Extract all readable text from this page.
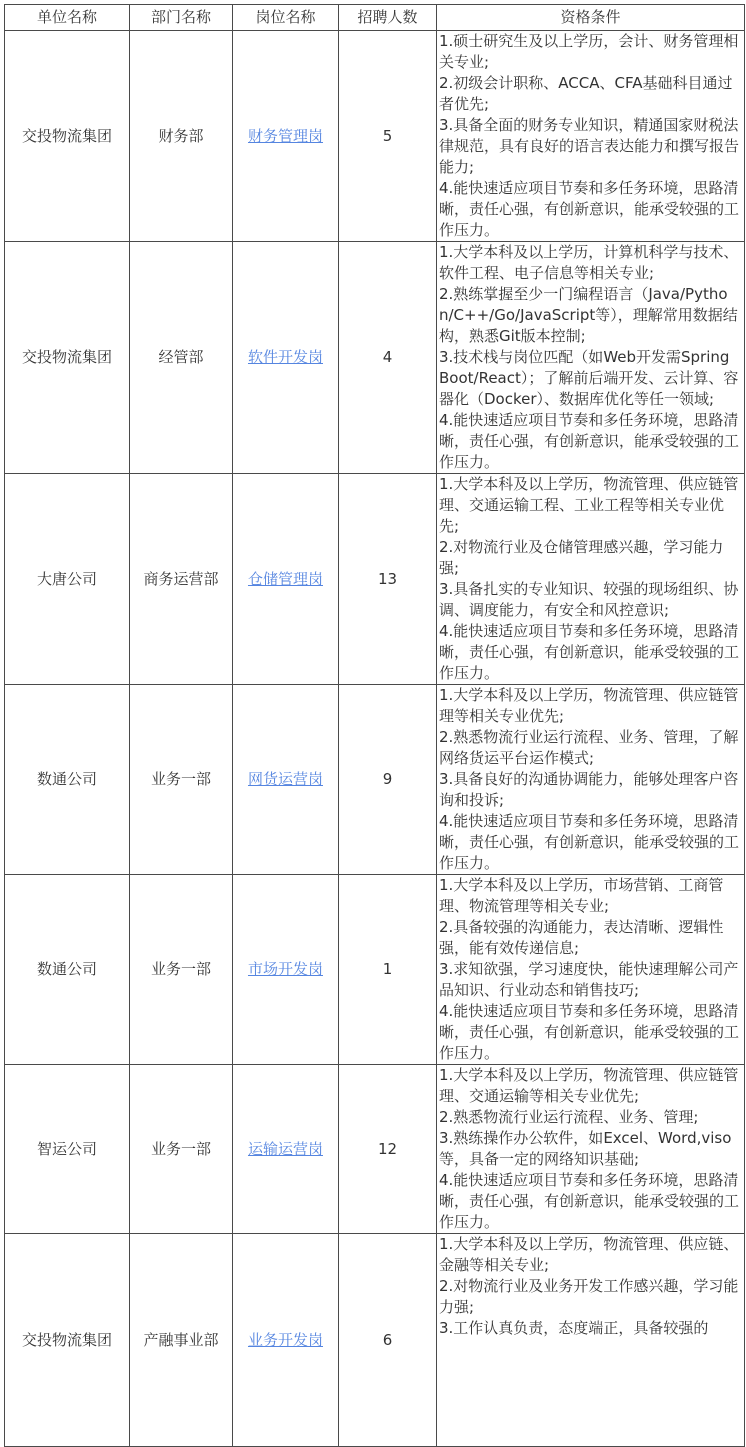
单位名称	部门名称	岗位名称	招聘人数	资格条件
交投物流集团	财务部	财务管理岗	5	1.硕士研究生及以上学历，会计、财务管理相关专业;
2.初级会计职称、ACCA、CFA基础科目通过者优先;
3.具备全面的财务专业知识，精通国家财税法律规范，具有良好的语言表达能力和撰写报告能力;
4.能快速适应项目节奏和多任务环境，思路清晰，责任心强，有创新意识，能承受较强的工作压力。

交投物流集团	经管部	软件开发岗	4	1.大学本科及以上学历，计算机科学与技术、软件工程、电子信息等相关专业;
2.熟练掌握至少一门编程语言（Java/Python/C++/Go/JavaScript等），理解常用数据结构，熟悉Git版本控制;
3.技术栈与岗位匹配（如Web开发需Spring Boot/React）；了解前后端开发、云计算、容器化（Docker）、数据库优化等任一领域;
4.能快速适应项目节奏和多任务环境，思路清晰，责任心强，有创新意识，能承受较强的工作压力。

大唐公司	商务运营部	仓储管理岗	13	1.大学本科及以上学历，物流管理、供应链管理、交通运输工程、工业工程等相关专业优先;
2.对物流行业及仓储管理感兴趣，学习能力强;
3.具备扎实的专业知识、较强的现场组织、协调、调度能力，有安全和风控意识;
4.能快速适应项目节奏和多任务环境，思路清晰，责任心强，有创新意识，能承受较强的工作压力。

数通公司	业务一部	网货运营岗	9	1.大学本科及以上学历，物流管理、供应链管理等相关专业优先;
2.熟悉物流行业运行流程、业务、管理，了解网络货运平台运作模式;
3.具备良好的沟通协调能力，能够处理客户咨询和投诉;
4.能快速适应项目节奏和多任务环境，思路清晰，责任心强，有创新意识，能承受较强的工作压力。

数通公司	业务一部	市场开发岗	1	1.大学本科及以上学历，市场营销、工商管理、物流管理等相关专业;
2.具备较强的沟通能力，表达清晰、逻辑性强，能有效传递信息;
3.求知欲强，学习速度快，能快速理解公司产品知识、行业动态和销售技巧;
4.能快速适应项目节奏和多任务环境，思路清晰，责任心强，有创新意识，能承受较强的工作压力。

智运公司	业务一部	运输运营岗	12	1.大学本科及以上学历，物流管理、供应链管理、交通运输等相关专业优先;
2.熟悉物流行业运行流程、业务、管理;
3.熟练操作办公软件，如Excel、Word,viso等，具备一定的网络知识基础;
4.能快速适应项目节奏和多任务环境，思路清晰，责任心强，有创新意识，能承受较强的工作压力。

交投物流集团	产融事业部	业务开发岗	6	1.大学本科及以上学历，物流管理、供应链、金融等相关专业;
2.对物流行业及业务开发工作感兴趣，学习能力强;
3.工作认真负责，态度端正，具备较强的
